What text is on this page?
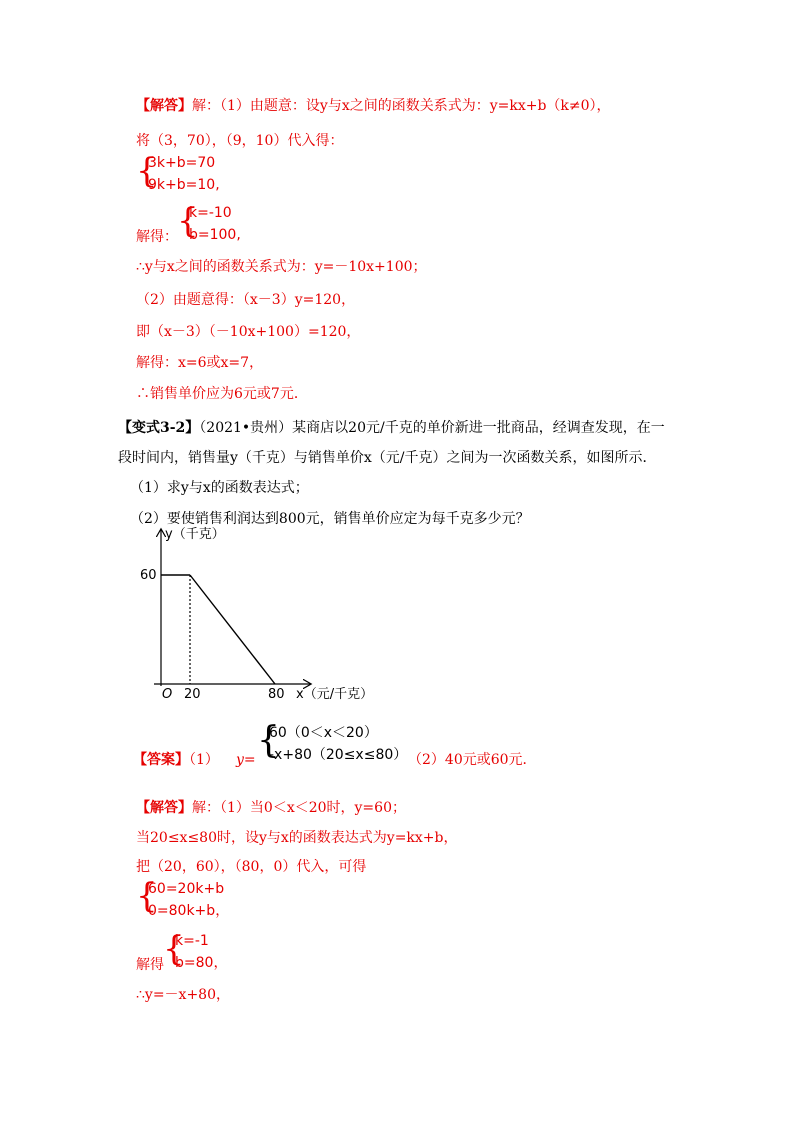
【解答】解：（1）由题意：设y与x之间的函数关系式为：y=kx+b（k≠0），
将（3，70），（9，10）代入得：
{
3k+b=70
9k+b=10,
解得： {
k=-10
b=100,
∴y与x之间的函数关系式为：y=－10x+100；
（2）由题意得：（x－3）y=120，
即（x－3）（－10x+100）=120，
解得：x=6或x=7，
∴销售单价应为6元或7元．
【变式3-2】（2021•贵州）某商店以20元/千克的单价新进一批商品，经调查发现，在一
段时间内，销售量y（千克）与销售单价x（元/千克）之间为一次函数关系，如图所示．
（1）求y与x的函数表达式；
（2）要使销售利润达到800元，销售单价应定为每千克多少元？
y（千克）
60
O 20	80 x（元/千克）
【答案】（1） y= {
60（0＜x＜20）
-x+80（20≤x≤80） （2）40元或60元．
【解答】解：（1）当0＜x＜20时，y=60；
当20≤x≤80时，设y与x的函数表达式为y=kx+b，
把（20，60），（80，0）代入，可得
{
60=20k+b
0=80k+b，
解得 {
k=-1
b=80，
∴y=－x+80，
